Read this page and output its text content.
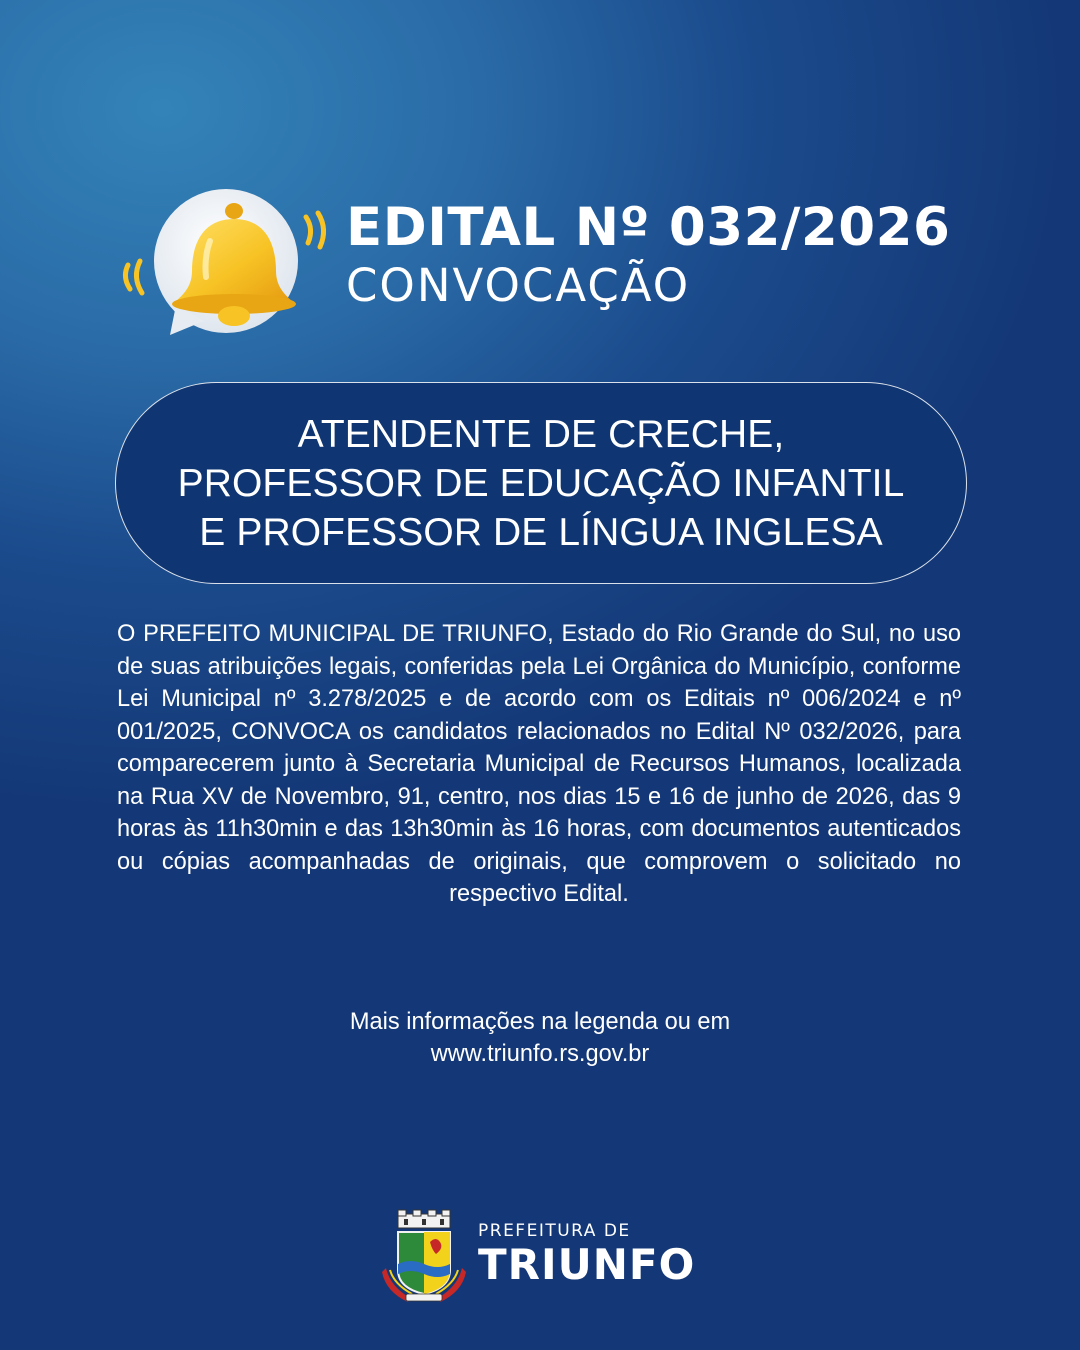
EDITAL Nº 032/2026
CONVOCAÇÃO
ATENDENTE DE CRECHE,
PROFESSOR DE EDUCAÇÃO INFANTIL
E PROFESSOR DE LÍNGUA INGLESA
O PREFEITO MUNICIPAL DE TRIUNFO, Estado do Rio Grande do Sul, no uso de suas atribuições legais, conferidas pela Lei Orgânica do Município, conforme Lei Municipal nº 3.278/2025 e de acordo com os Editais nº 006/2024 e nº 001/2025, CONVOCA os candidatos relacionados no Edital Nº 032/2026, para comparecerem junto à Secretaria Municipal de Recursos Humanos, localizada na Rua XV de Novembro, 91, centro, nos dias 15 e 16 de junho de 2026, das 9 horas às 11h30min e das 13h30min às 16 horas, com documentos autenticados ou cópias acompanhadas de originais, que comprovem o solicitado no respectivo Edital.
Mais informações na legenda ou em
www.triunfo.rs.gov.br
PREFEITURA DE
TRIUNFO
